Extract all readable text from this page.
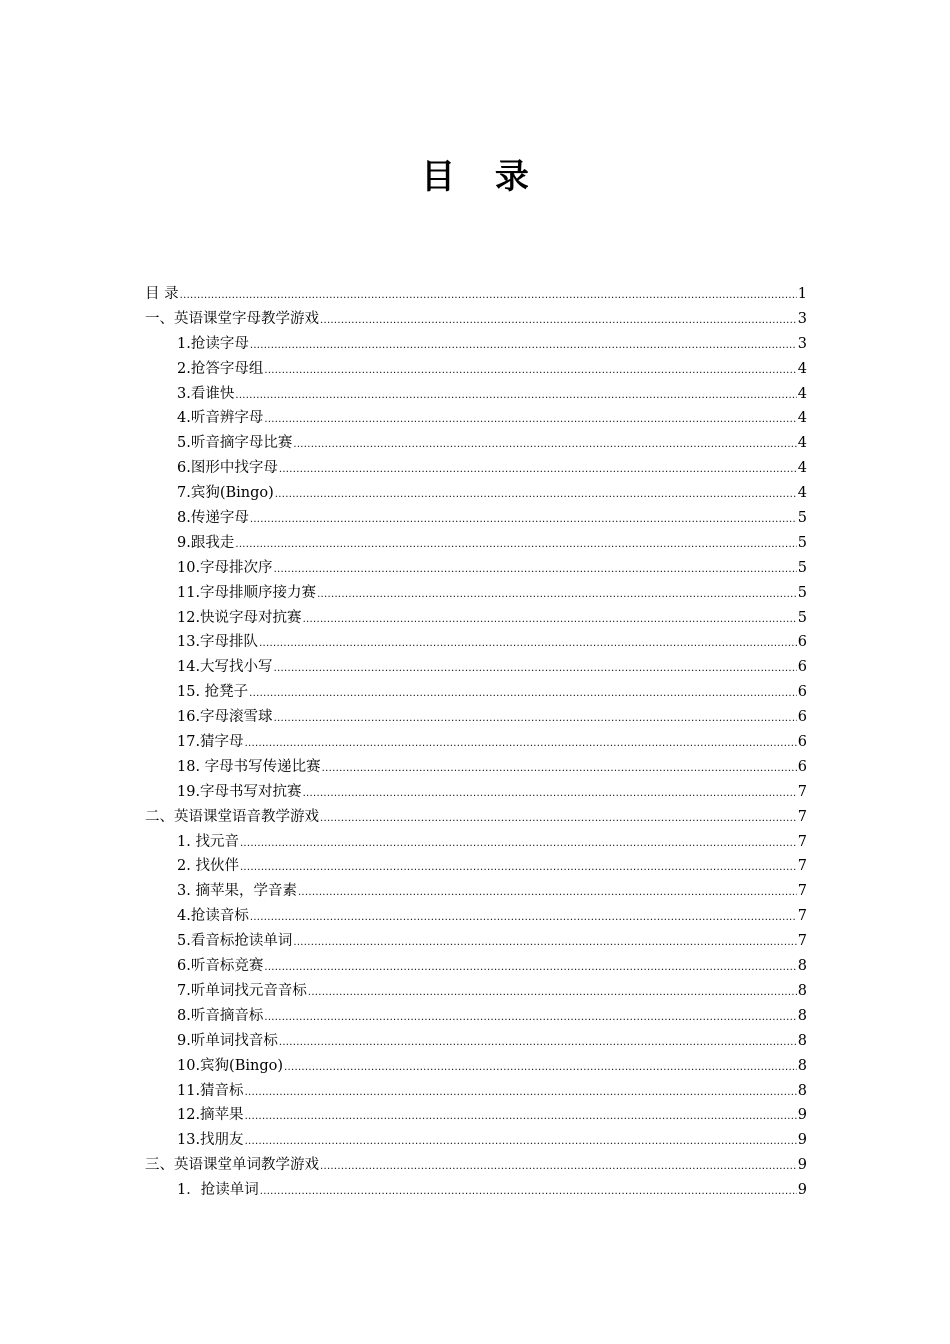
目 录
目 录 .....	1
一、英语课堂字母教学游戏 .....	3
1.抢读字母 .....	3
2.抢答字母组 .....	4
3.看谁快 .....	4
4.听音辨字母 .....	4
5.听音摘字母比赛 .....	4
6.图形中找字母 .....	4
7.宾狗(Bingo) .....	4
8.传递字母 .....	5
9.跟我走 .....	5
10.字母排次序 .....	5
11.字母排顺序接力赛 .....	5
12.快说字母对抗赛 .....	5
13.字母排队 .....	6
14.大写找小写 .....	6
15. 抢凳子 .....	6
16.字母滚雪球 .....	6
17.猜字母 .....	6
18. 字母书写传递比赛 .....	6
19.字母书写对抗赛 .....	7
二、英语课堂语音教学游戏 .....	7
1. 找元音 .....	7
2. 找伙伴 .....	7
3. 摘苹果，学音素 .....	7
4.抢读音标 .....	7
5.看音标抢读单词 .....	7
6.听音标竞赛 .....	8
7.听单词找元音音标 .....	8
8.听音摘音标 .....	8
9.听单词找音标 .....	8
10.宾狗(Bingo) .....	8
11.猜音标 .....	8
12.摘苹果 .....	9
13.找朋友 .....	9
三、英语课堂单词教学游戏 .....	9
1．抢读单词 .....	9
